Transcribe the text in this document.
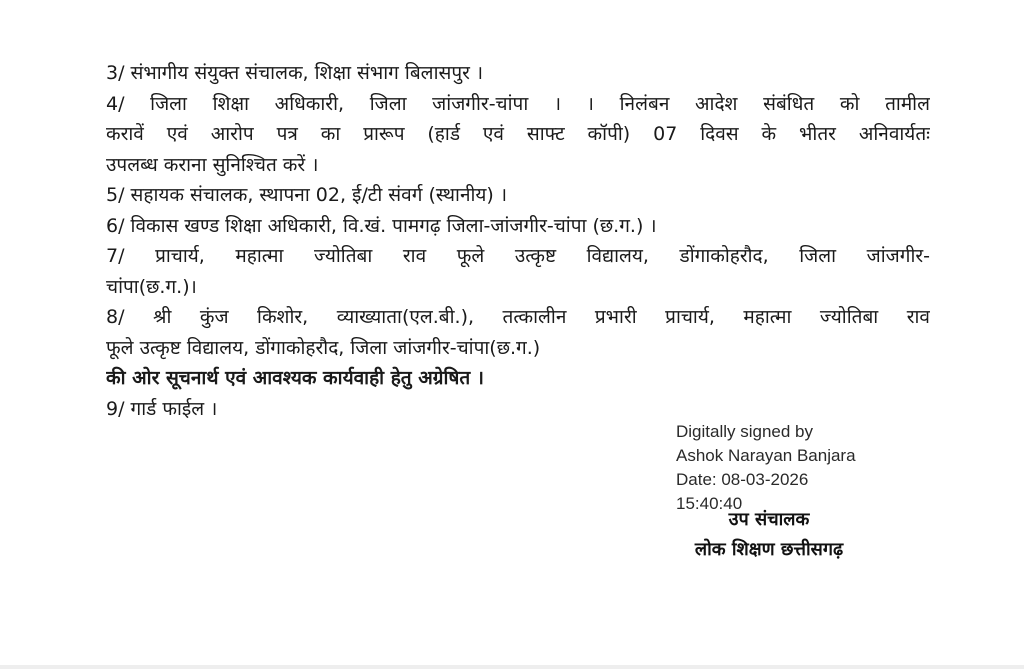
3/ संभागीय संयुक्त संचालक, शिक्षा संभाग बिलासपुर ।
4/ जिला शिक्षा अधिकारी, जिला जांजगीर-चांपा । । निलंबन आदेश संबंधित को तामील
करावें एवं आरोप पत्र का प्रारूप (हार्ड एवं साफ्ट कॉपी) 07 दिवस के भीतर अनिवार्यतः
उपलब्ध कराना सुनिश्चित करें ।
5/ सहायक संचालक, स्थापना 02, ई/टी संवर्ग (स्थानीय) ।
6/ विकास खण्ड शिक्षा अधिकारी, वि.खं. पामगढ़ जिला-जांजगीर-चांपा (छ.ग.) ।
7/ प्राचार्य, महात्मा ज्योतिबा राव फूले उत्कृष्ट विद्यालय, डोंगाकोहरौद, जिला जांजगीर-
चांपा(छ.ग.)।
8/ श्री कुंज किशोर, व्याख्याता(एल.बी.), तत्कालीन प्रभारी प्राचार्य, महात्मा ज्योतिबा राव
फूले उत्कृष्ट विद्यालय, डोंगाकोहरौद, जिला जांजगीर-चांपा(छ.ग.)
की ओर सूचनार्थ एवं आवश्यक कार्यवाही हेतु अग्रेषित ।
9/ गार्ड फाईल ।
Digitally signed by
Ashok Narayan Banjara
Date: 08-03-2026
15:40:40
उप संचालक
लोक शिक्षण छत्तीसगढ़
